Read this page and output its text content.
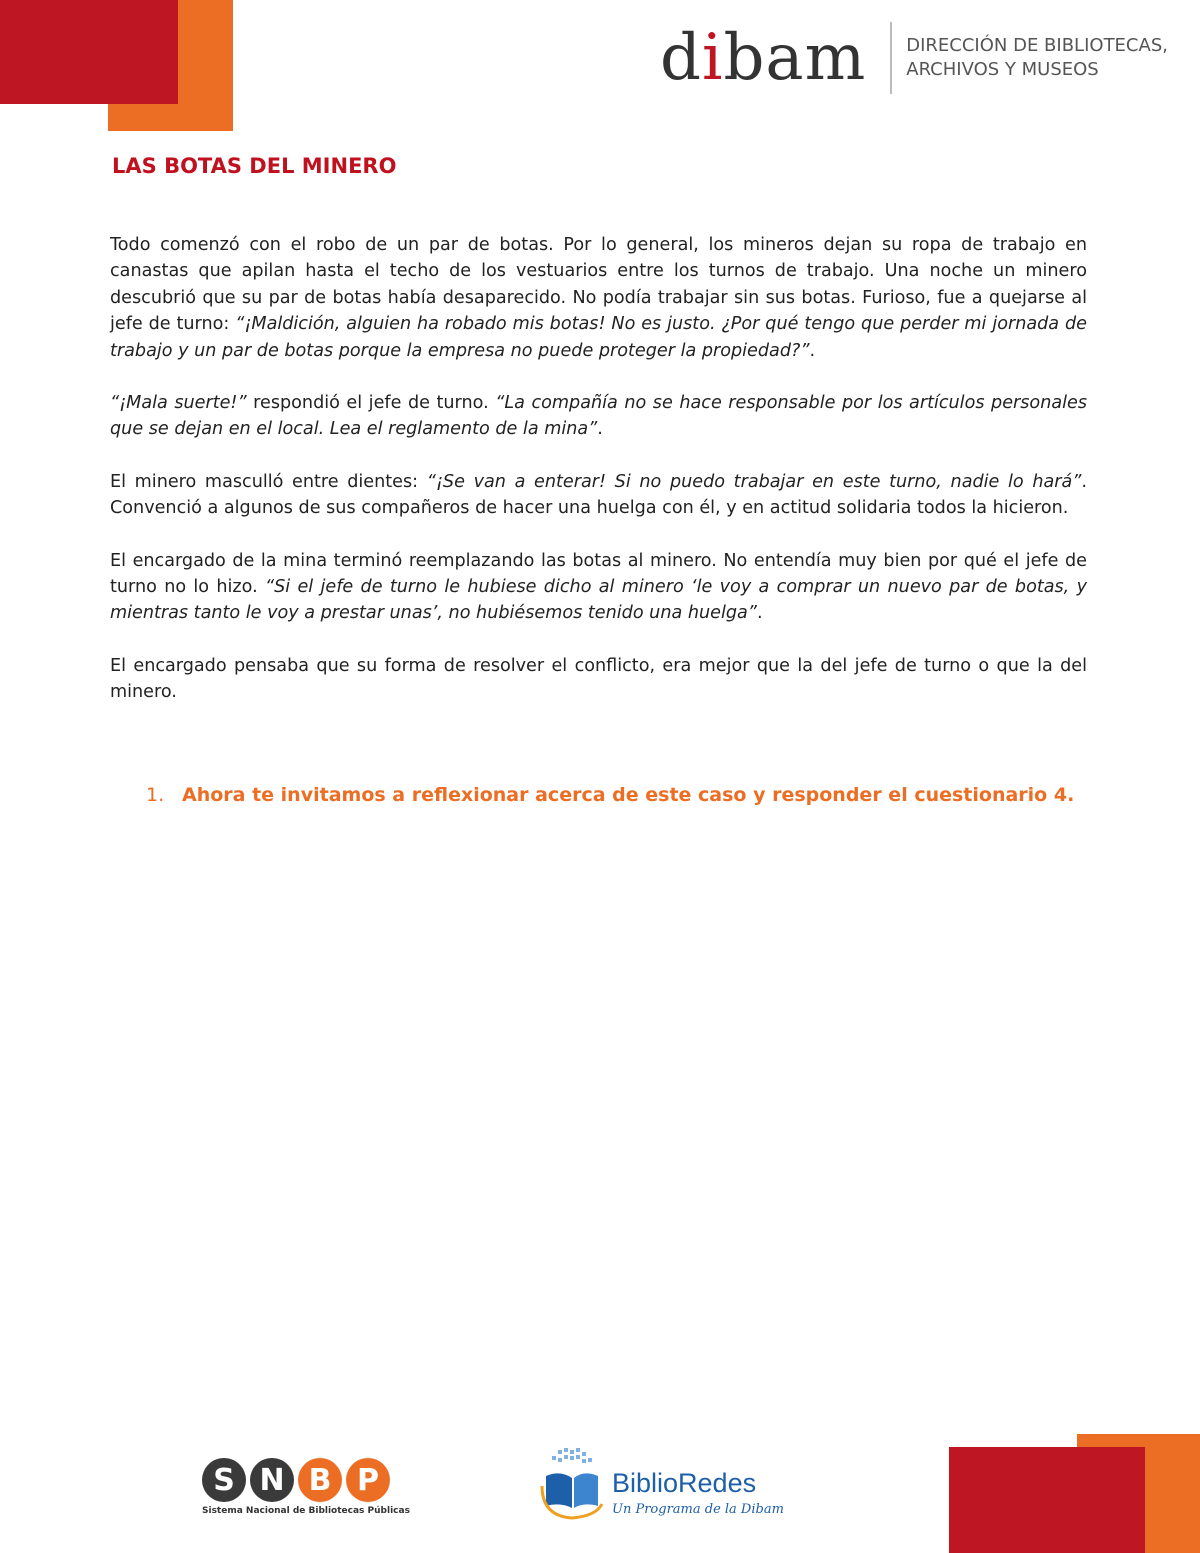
dibam DIRECCIÓN DE BIBLIOTECAS,
ARCHIVOS Y MUSEOS
LAS BOTAS DEL MINERO

Todo comenzó con el robo de un par de botas. Por lo general, los mineros dejan su ropa de trabajo en canastas que apilan hasta el techo de los vestuarios entre los turnos de trabajo. Una noche un minero descubrió que su par de botas había desaparecido. No podía trabajar sin sus botas. Furioso, fue a quejarse al jefe de turno: “¡Maldición, alguien ha robado mis botas! No es justo. ¿Por qué tengo que perder mi jornada de trabajo y un par de botas porque la empresa no puede proteger la propiedad?”.

“¡Mala suerte!” respondió el jefe de turno. “La compañía no se hace responsable por los artículos personales que se dejan en el local. Lea el reglamento de la mina”.

El minero masculló entre dientes: “¡Se van a enterar! Si no puedo trabajar en este turno, nadie lo hará”. Convenció a algunos de sus compañeros de hacer una huelga con él, y en actitud solidaria todos la hicieron.

El encargado de la mina terminó reemplazando las botas al minero. No entendía muy bien por qué el jefe de turno no lo hizo. “Si el jefe de turno le hubiese dicho al minero ‘le voy a comprar un nuevo par de botas, y mientras tanto le voy a prestar unas’, no hubiésemos tenido una huelga”.

El encargado pensaba que su forma de resolver el conflicto, era mejor que la del jefe de turno o que la del minero.

1. Ahora te invitamos a reflexionar acerca de este caso y responder el cuestionario 4.
S N B P
Sistema Nacional de Bibliotecas Públicas
BiblioRedes
Un Programa de la Dibam
